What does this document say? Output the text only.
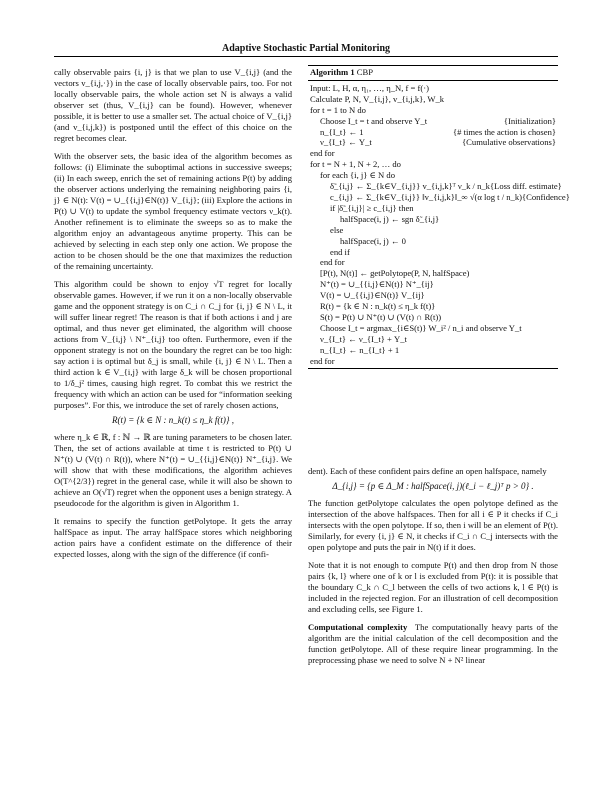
Adaptive Stochastic Partial Monitoring

cally observable pairs {i, j} is that we plan to use V_{i,j} (and the vectors v_{i,j,·}) in the case of locally observable pairs, too. For not locally observable pairs, the whole action set N is always a valid observer set (thus, V_{i,j} can be found). However, whenever possible, it is better to use a smaller set. The actual choice of V_{i,j} (and v_{i,j,k}) is postponed until the effect of this choice on the regret becomes clear.

With the observer sets, the basic idea of the algorithm becomes as follows: (i) Eliminate the suboptimal actions in successive sweeps; (ii) In each sweep, enrich the set of remaining actions P(t) by adding the observer actions underlying the remaining neighboring pairs {i, j} ∈ N(t): V(t) = ∪_{{i,j}∈N(t)} V_{i,j}; (iii) Explore the actions in P(t) ∪ V(t) to update the symbol frequency estimate vectors ν_k(t). Another refinement is to eliminate the sweeps so as to make the algorithm enjoy an advantageous anytime property. This can be achieved by selecting in each step only one action. We propose the action to be chosen should be the one that maximizes the reduction of the remaining uncertainty.

This algorithm could be shown to enjoy √T regret for locally observable games. However, if we run it on a non-locally observable game and the opponent strategy is on C_i ∩ C_j for {i, j} ∈ N \ L, it will suffer linear regret! The reason is that if both actions i and j are optimal, and thus never get eliminated, the algorithm will choose actions from V_{i,j} \ N⁺_{i,j} too often. Furthermore, even if the opponent strategy is not on the boundary the regret can be too high: say action i is optimal but δ_j is small, while {i, j} ∈ N \ L. Then a third action k ∈ V_{i,j} with large δ_k will be chosen proportional to 1/δ_j² times, causing high regret. To combat this we restrict the frequency with which an action can be used for “information seeking purposes”. For this, we introduce the set of rarely chosen actions,

R(t) = {k ∈ N : n_k(t) ≤ η_k f(t)} ,

where η_k ∈ ℝ, f : ℕ → ℝ are tuning parameters to be chosen later. Then, the set of actions available at time t is restricted to P(t) ∪ N⁺(t) ∪ (V(t) ∩ R(t)), where N⁺(t) = ∪_{{i,j}∈N(t)} N⁺_{i,j}. We will show that with these modifications, the algorithm achieves O(T^{2/3}) regret in the general case, while it will also be shown to achieve an O(√T) regret when the opponent uses a benign strategy. A pseudocode for the algorithm is given in Algorithm 1.

It remains to specify the function getPolytope. It gets the array halfSpace as input. The array halfSpace stores which neighboring action pairs have a confident estimate on the difference of their expected losses, along with the sign of the difference (if confi-

Algorithm 1 CBP
Input: L, H, α, η₁, …, η_N, f = f(·)
Calculate P, N, V_{i,j}, v_{i,j,k}, W_k
for t = 1 to N do
Choose I_t = t and observe Y_t	{Initialization}
n_{I_t} ← 1	{# times the action is chosen}
ν_{I_t} ← Y_t	{Cumulative observations}
end for
for t = N + 1, N + 2, … do
for each {i, j} ∈ N do
δ̃_{i,j} ← Σ_{k∈V_{i,j}} v_{i,j,k}ᵀ ν_k / n_k {Loss diff. estimate}
c_{i,j} ← Σ_{k∈V_{i,j}} ‖v_{i,j,k}‖_∞ √(α log t / n_k) {Confidence}
if |δ̃_{i,j}| ≥ c_{i,j} then
halfSpace(i, j) ← sgn δ̃_{i,j}
else
halfSpace(i, j) ← 0
end if
end for
[P(t), N(t)] ← getPolytope(P, N, halfSpace)
N⁺(t) = ∪_{{i,j}∈N(t)} N⁺_{ij}
V(t) = ∪_{{i,j}∈N(t)} V_{ij}
R(t) = {k ∈ N : n_k(t) ≤ η_k f(t)}
S(t) = P(t) ∪ N⁺(t) ∪ (V(t) ∩ R(t))
Choose I_t = argmax_{i∈S(t)} W_i² / n_i and observe Y_t
ν_{I_t} ← ν_{I_t} + Y_t
n_{I_t} ← n_{I_t} + 1
end for

dent). Each of these confident pairs define an open halfspace, namely

Δ_{i,j} = {p ∈ Δ_M : halfSpace(i, j)(ℓ_i − ℓ_j)ᵀ p > 0} .

The function getPolytope calculates the open polytope defined as the intersection of the above halfspaces. Then for all i ∈ P it checks if C_i intersects with the open polytope. If so, then i will be an element of P(t). Similarly, for every {i, j} ∈ N, it checks if C_i ∩ C_j intersects with the open polytope and puts the pair in N(t) if it does.

Note that it is not enough to compute P(t) and then drop from N those pairs {k, l} where one of k or l is excluded from P(t): it is possible that the boundary C_k ∩ C_l between the cells of two actions k, l ∈ P(t) is included in the rejected region. For an illustration of cell decomposition and excluding cells, see Figure 1.

Computational complexity The computationally heavy parts of the algorithm are the initial calculation of the cell decomposition and the function getPolytope. All of these require linear programming. In the preprocessing phase we need to solve N + N² linear
